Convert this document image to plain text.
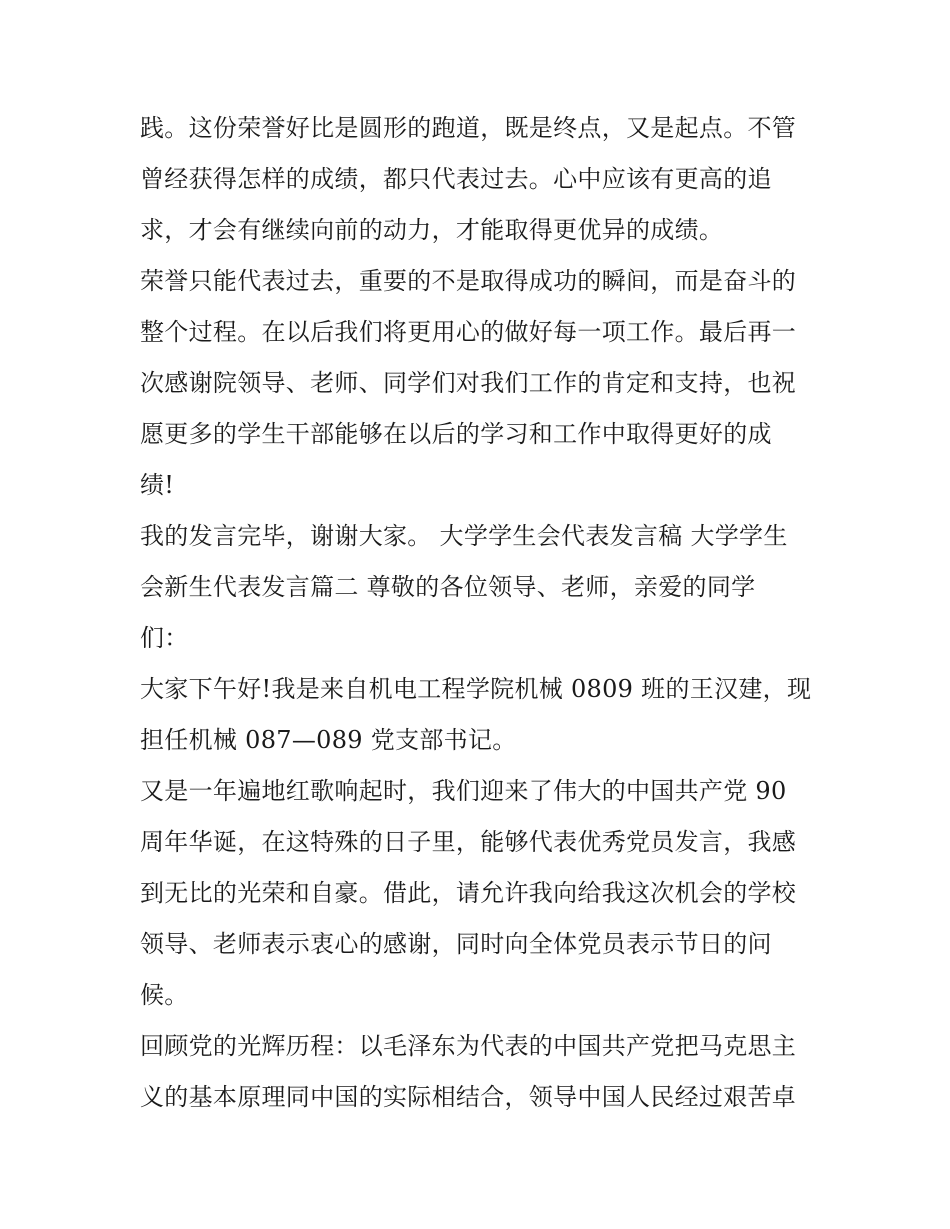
践。这份荣誉好比是圆形的跑道，既是终点，又是起点。不管
曾经获得怎样的成绩，都只代表过去。心中应该有更高的追
求，才会有继续向前的动力，才能取得更优异的成绩。
荣誉只能代表过去，重要的不是取得成功的瞬间，而是奋斗的
整个过程。在以后我们将更用心的做好每一项工作。最后再一
次感谢院领导、老师、同学们对我们工作的肯定和支持，也祝
愿更多的学生干部能够在以后的学习和工作中取得更好的成
绩!
我的发言完毕，谢谢大家。 大学学生会代表发言稿 大学学生
会新生代表发言篇二 尊敬的各位领导、老师，亲爱的同学
们：
大家下午好!我是来自机电工程学院机械 0809 班的王汉建，现
担任机械 087—089 党支部书记。
又是一年遍地红歌响起时，我们迎来了伟大的中国共产党 90
周年华诞，在这特殊的日子里，能够代表优秀党员发言，我感
到无比的光荣和自豪。借此，请允许我向给我这次机会的学校
领导、老师表示衷心的感谢，同时向全体党员表示节日的问
候。
回顾党的光辉历程：以毛泽东为代表的中国共产党把马克思主
义的基本原理同中国的实际相结合，领导中国人民经过艰苦卓
